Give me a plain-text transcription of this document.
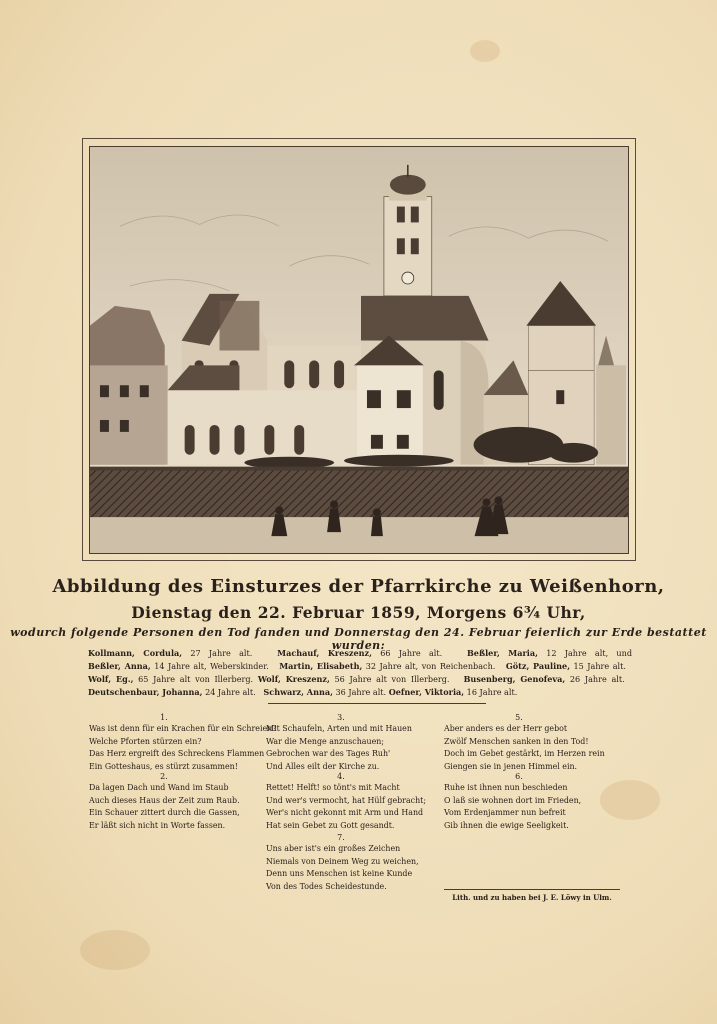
Abbildung des Einsturzes der Pfarrkirche zu Weißenhorn,
Dienstag den 22. Februar 1859, Morgens 6¾ Uhr,
wodurch folgende Personen den Tod fanden und Donnerstag den 24. Februar feierlich zur Erde bestattet wurden:
Kollmann, Cordula, 27 Jahre alt.	Machauf, Kreszenz, 66 Jahre alt.	Beßler, Maria, 12 Jahre alt, und Beßler, Anna, 14 Jahre alt, Weberskinder. Martin, Elisabeth, 32 Jahre alt, von Reichenbach. Götz, Pauline, 15 Jahre alt.   Wolf, Eg., 65 Jahre alt von Illerberg. Wolf, Kreszenz, 56 Jahre alt von Illerberg. Busenberg, Genofeva, 26 Jahre alt.   Deutschenbaur, Johanna, 24 Jahre alt. Schwarz, Anna, 36 Jahre alt. Oefner, Viktoria, 16 Jahre alt.
1.
Was ist denn für ein Krachen für ein Schreien?
Welche Pforten stürzen ein?
Das Herz ergreift des Schreckens Flammen
Ein Gotteshaus, es stürzt zusammen!
2.
Da lagen Dach und Wand im Staub
Auch dieses Haus der Zeit zum Raub.
Ein Schauer zittert durch die Gassen,
Er läßt sich nicht in Worte fassen.
3.
Mit Schaufeln, Arten und mit Hauen
War die Menge anzuschauen;
Gebrochen war des Tages Ruh'
Und Alles eilt der Kirche zu.
4.
Rettet! Helft! so tönt's mit Macht
Und wer's vermocht, hat Hülf gebracht;
Wer's nicht gekonnt mit Arm und Hand
Hat sein Gebet zu Gott gesandt.
7.
Uns aber ist's ein großes Zeichen
Niemals von Deinem Weg zu weichen,
Denn uns Menschen ist keine Kunde
Von des Todes Scheidestunde.
5.
Aber anders es der Herr gebot
Zwölf Menschen sanken in den Tod!
Doch im Gebet gestärkt, im Herzen rein
Giengen sie in jenen Himmel ein.
6.
Ruhe ist ihnen nun beschieden
O laß sie wohnen dort im Frieden,
Vom Erdenjammer nun befreit
Gib ihnen die ewige Seeligkeit.
Lith. und zu haben bei J. E. Löwy in Ulm.
